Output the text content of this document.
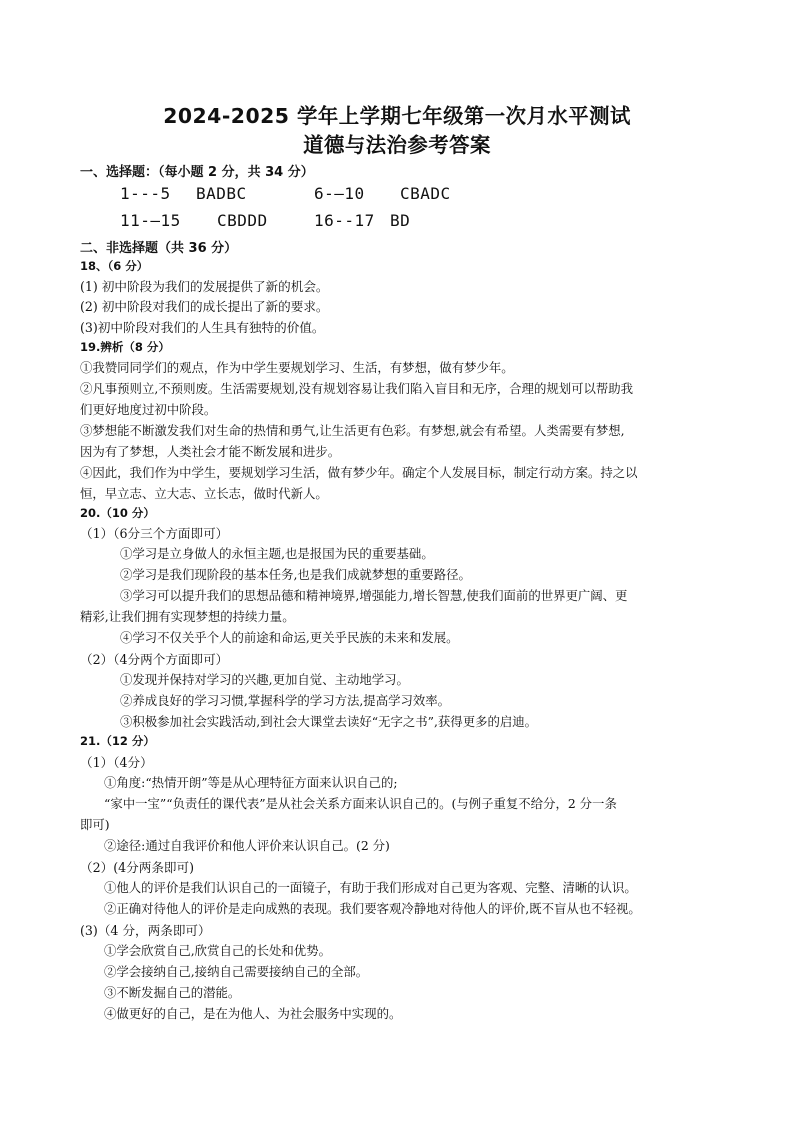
2024-2025 学年上学期七年级第一次月水平测试
道德与法治参考答案
一、选择题：（每小题 2 分，共 34 分）
1---5 BADBC	6-—10 CBADC
11-—15 CBDDD	16--17 BD
二、非选择题（共 36 分）
18、（6 分）
(1) 初中阶段为我们的发展提供了新的机会。
(2) 初中阶段对我们的成长提出了新的要求。
(3)初中阶段对我们的人生具有独特的价值。
19.辨析（8 分）
①我赞同同学们的观点，作为中学生要规划学习、生活，有梦想，做有梦少年。
②凡事预则立,不预则废。生活需要规划,没有规划容易让我们陷入盲目和无序，合理的规划可以帮助我
们更好地度过初中阶段。
③梦想能不断激发我们对生命的热情和勇气,让生活更有色彩。有梦想,就会有希望。人类需要有梦想,
因为有了梦想，人类社会才能不断发展和进步。
④因此，我们作为中学生，要规划学习生活，做有梦少年。确定个人发展目标，制定行动方案。持之以
恒，早立志、立大志、立长志，做时代新人。
20.（10 分）
（1）（6分三个方面即可）
①学习是立身做人的永恒主题,也是报国为民的重要基础。
②学习是我们现阶段的基本任务,也是我们成就梦想的重要路径。
③学习可以提升我们的思想品德和精神境界,增强能力,增长智慧,使我们面前的世界更广阔、更
精彩,让我们拥有实现梦想的持续力量。
④学习不仅关乎个人的前途和命运,更关乎民族的未来和发展。
（2）（4分两个方面即可）
①发现并保持对学习的兴趣,更加自觉、主动地学习。
②养成良好的学习习惯,掌握科学的学习方法,提高学习效率。
③积极参加社会实践活动,到社会大课堂去读好“无字之书”,获得更多的启迪。
21.（12 分）
（1）（4分）
①角度:“热情开朗”等是从心理特征方面来认识自己的;
“家中一宝”“负责任的课代表”是从社会关系方面来认识自己的。(与例子重复不给分，2 分一条
即可)
②途径:通过自我评价和他人评价来认识自己。(2 分)
（2）(4分两条即可)
①他人的评价是我们认识自己的一面镜子，有助于我们形成对自己更为客观、完整、清晰的认识。
②正确对待他人的评价是走向成熟的表现。我们要客观冷静地对待他人的评价,既不盲从也不轻视。
(3)（4 分，两条即可）
①学会欣赏自己,欣赏自己的长处和优势。
②学会接纳自己,接纳自己需要接纳自己的全部。
③不断发掘自己的潜能。
④做更好的自己，是在为他人、为社会服务中实现的。
